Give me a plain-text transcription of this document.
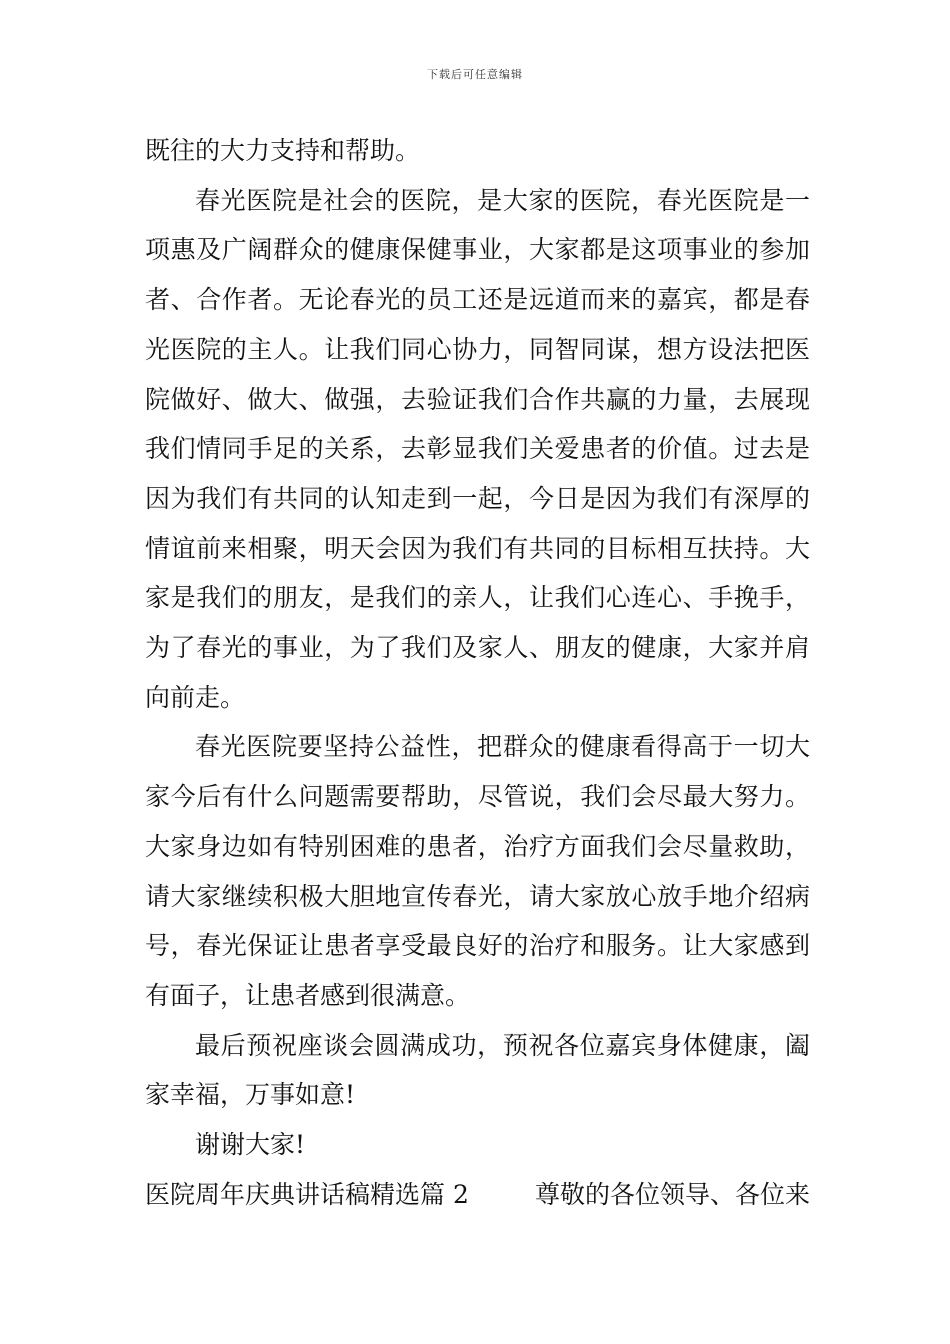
下载后可任意编辑

既往的大力支持和帮助。

春光医院是社会的医院，是大家的医院，春光医院是一项惠及广阔群众的健康保健事业，大家都是这项事业的参加者、合作者。无论春光的员工还是远道而来的嘉宾，都是春光医院的主人。让我们同心协力，同智同谋，想方设法把医院做好、做大、做强，去验证我们合作共赢的力量，去展现我们情同手足的关系，去彰显我们关爱患者的价值。过去是因为我们有共同的认知走到一起，今日是因为我们有深厚的情谊前来相聚，明天会因为我们有共同的目标相互扶持。大家是我们的朋友，是我们的亲人，让我们心连心、手挽手，为了春光的事业，为了我们及家人、朋友的健康，大家并肩向前走。

春光医院要坚持公益性，把群众的健康看得高于一切大家今后有什么问题需要帮助，尽管说，我们会尽最大努力。大家身边如有特别困难的患者，治疗方面我们会尽量救助，请大家继续积极大胆地宣传春光，请大家放心放手地介绍病号，春光保证让患者享受最良好的治疗和服务。让大家感到有面子，让患者感到很满意。

最后预祝座谈会圆满成功，预祝各位嘉宾身体健康，阖家幸福，万事如意!

谢谢大家!

医院周年庆典讲话稿精选篇 2	尊敬的各位领导、各位来
